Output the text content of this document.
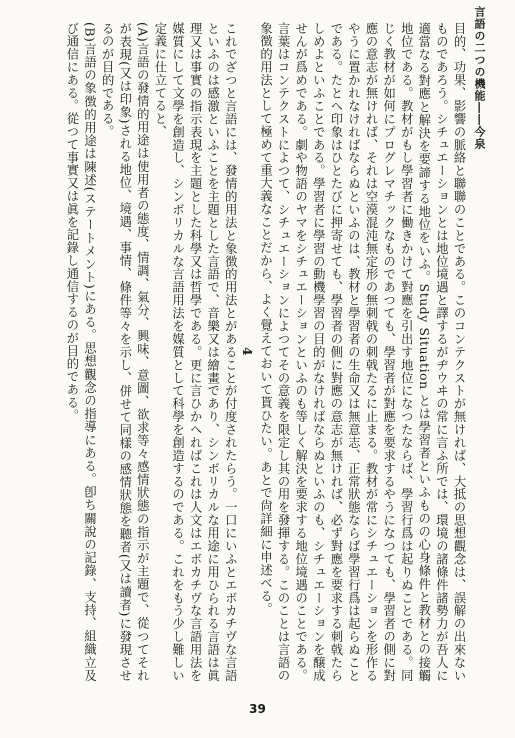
言語の二つの機能――今泉

目的、功果、影響の脈絡と聯聯のことである。このコンテクストが無ければ、大抵の思想觀念は、誤解の出來ないものであろう。シチュエーションとは地位境遇と譯するがヂウヰの常に言ふ所では、環境の諸條件諸勢力が吾人に適當なる對應と解決を要諦する地位をいふ。Study Situation とは學習者といふものの心身條件と教材との接觸地位である。教材がもし學習者に働きかけて對應を引出す地位になつたならば、學習行爲は起りぬことである。同じく教材が如何にプログレマチックなものであつても、學習者が對應を要求するやうになつても、學習者の側に對應の意志が無ければ、それは空漠混沌無定形の無刺戟の刺戟たるに止まる。教材が常にシチュエーションを形作るやうに置かれなければならぬといふのは、教材と學習者の生命又は無意志、正常狀態ならば學習行爲は起らぬことである。たとへ印象はひとたびに押寄せても、學習者の側に對應の意志が無ければ、必ず對應を要求する刺戟たらしめよといふことである。學習者に學習の動機學習の目的がなければならぬといふのも、シチュエーションを醸成せんが爲めである。劇や物語のヤマをシチュエーションといふのも等しく解決を要求する地位境遇のことである。言葉はコンテクストによつて、シチュエーションによつてその意義を限定し其の用を發揮する。このことは言語の象徴的用法として極めて重大義なことだから、よく覺えておいて貰ひたい。あとで尙詳細に申述べる。

4

これでざつと言語には、發情的用法と象徴的用法とがあることが付度されたらう。一口にいふとエボカチヴな言語といふのは感激といふことを主題とした言語で、音樂又は繪畫であり、シンボリカルな用途に用ひられる言語は眞理又は事實の指示表現を主題とした科學又は哲學である。更に言ひかへればこれは人文はエボカチヴな言語用法を媒質にして文學を創造し、シンボリカルな言語用法を媒質として科學を創造するのである。これをもう少し難しい定義に仕立てると、

(A)言語の發情的用途は使用者の態度、情調、氣分、興味、意圖、欲求等々感情狀態の指示が主題で、從つてそれが表現(又は印象)される地位、境遇、事情、條件等々を示し、併せて同樣の感情狀態を聽者(又は讀者)に發現させるのが目的である。

(B)言語の象徴的用途は陳述(ステートメント)にある。思想觀念の指導にある。卽ち關說の記錄、支持、組織立及び通信にある。從つて事實又は眞を記錄し通信するのが目的である。

39
